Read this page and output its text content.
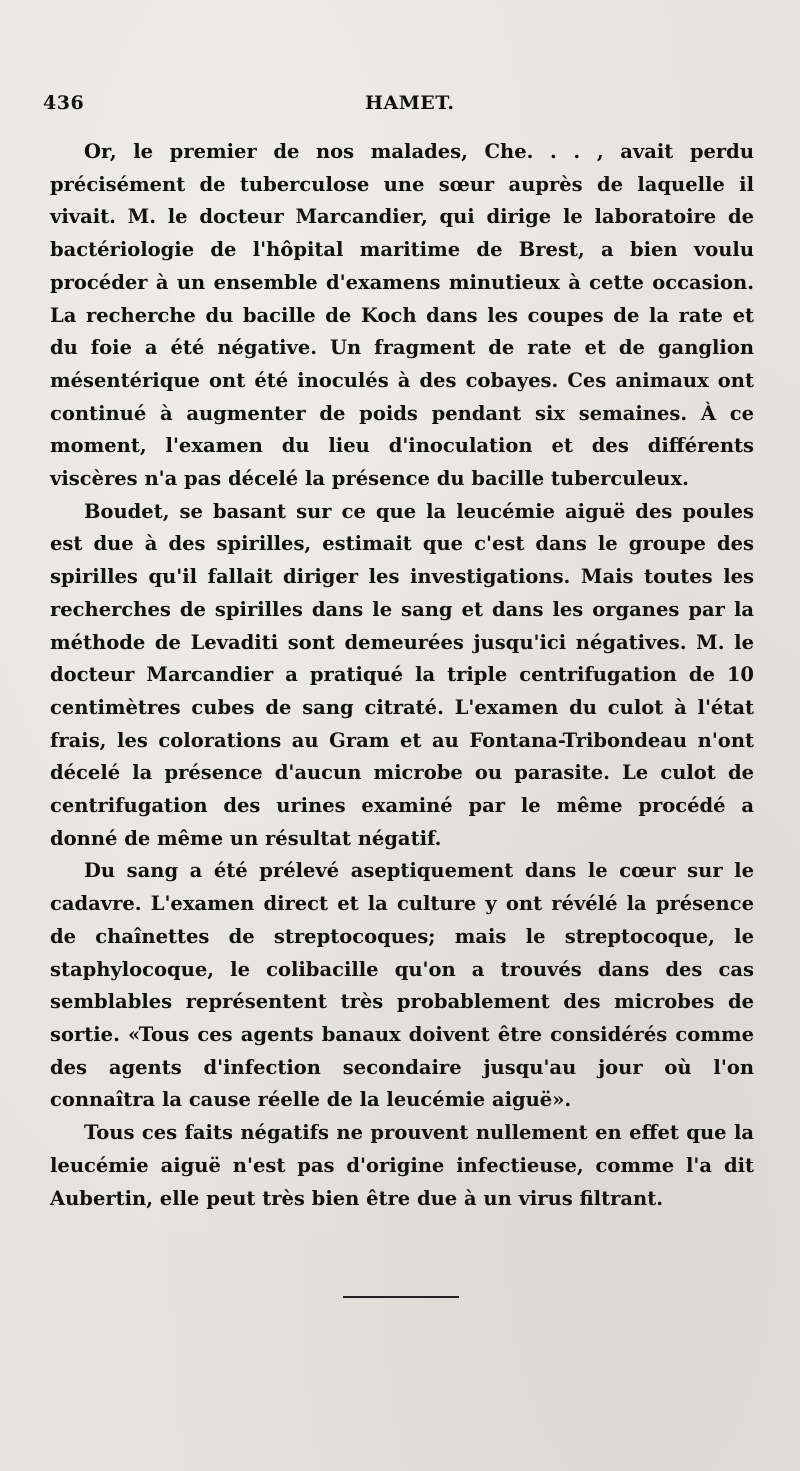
436	HAMET.

Or, le premier de nos malades, Che. . . , avait perdu précisément de tuberculose une sœur auprès de laquelle il vivait. M. le docteur Marcandier, qui dirige le laboratoire de bactériologie de l'hôpital maritime de Brest, a bien voulu procéder à un ensemble d'examens minutieux à cette occasion. La recherche du bacille de Koch dans les coupes de la rate et du foie a été négative. Un fragment de rate et de ganglion mésentérique ont été inoculés à des cobayes. Ces animaux ont continué à augmenter de poids pendant six semaines. À ce moment, l'examen du lieu d'inoculation et des différents viscères n'a pas décelé la présence du bacille tuberculeux.

Boudet, se basant sur ce que la leucémie aiguë des poules est due à des spirilles, estimait que c'est dans le groupe des spirilles qu'il fallait diriger les investigations. Mais toutes les recherches de spirilles dans le sang et dans les organes par la méthode de Levaditi sont demeurées jusqu'ici négatives. M. le docteur Marcandier a pratiqué la triple centrifugation de 10 centimètres cubes de sang citraté. L'examen du culot à l'état frais, les colorations au Gram et au Fontana-Tribondeau n'ont décelé la présence d'aucun microbe ou parasite. Le culot de centrifugation des urines examiné par le même procédé a donné de même un résultat négatif.

Du sang a été prélevé aseptiquement dans le cœur sur le cadavre. L'examen direct et la culture y ont révélé la présence de chaînettes de streptocoques; mais le streptocoque, le staphylocoque, le colibacille qu'on a trouvés dans des cas semblables représentent très probablement des microbes de sortie. «Tous ces agents banaux doivent être considérés comme des agents d'infection secondaire jusqu'au jour où l'on connaîtra la cause réelle de la leucémie aiguë».

Tous ces faits négatifs ne prouvent nullement en effet que la leucémie aiguë n'est pas d'origine infectieuse, comme l'a dit Aubertin, elle peut très bien être due à un virus filtrant.
